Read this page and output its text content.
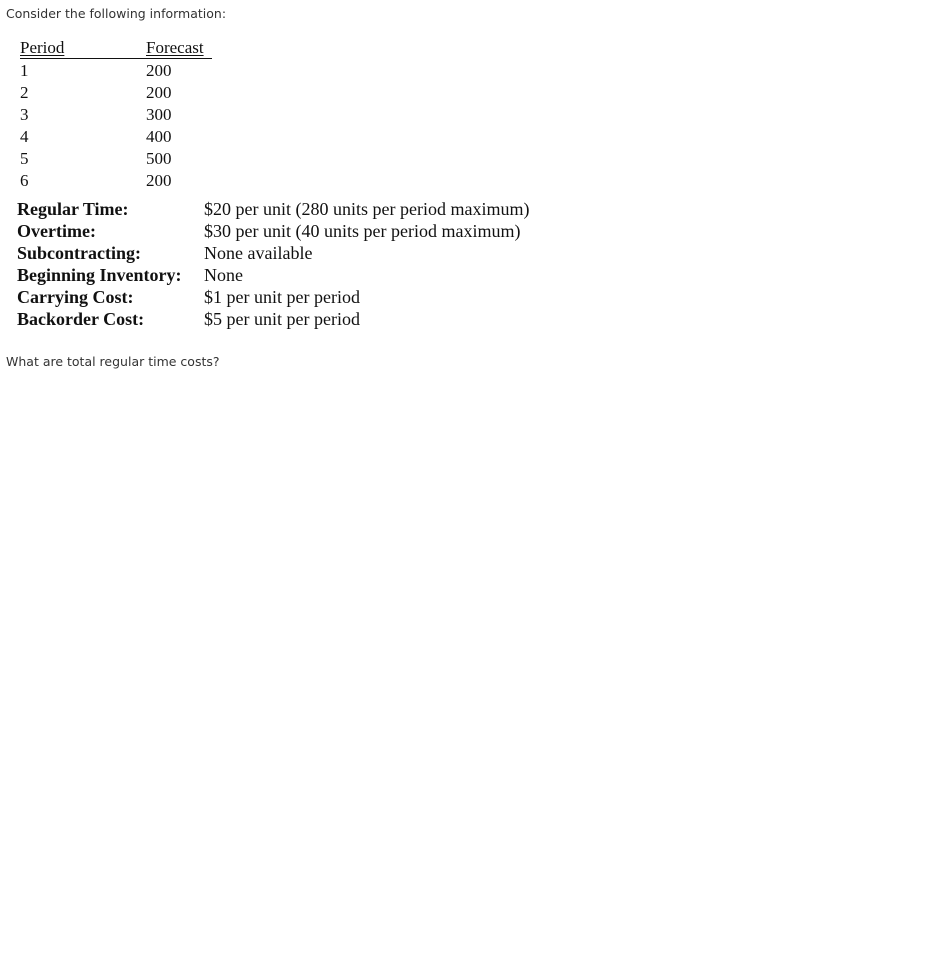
Consider the following information:
Period	Forecast
1	200
2	200
3	300
4	400
5	500
6	200
Regular Time:	$20 per unit (280 units per period maximum)
Overtime:	$30 per unit (40 units per period maximum)
Subcontracting:	None available
Beginning Inventory:	None
Carrying Cost:	$1 per unit per period
Backorder Cost:	$5 per unit per period
What are total regular time costs?
